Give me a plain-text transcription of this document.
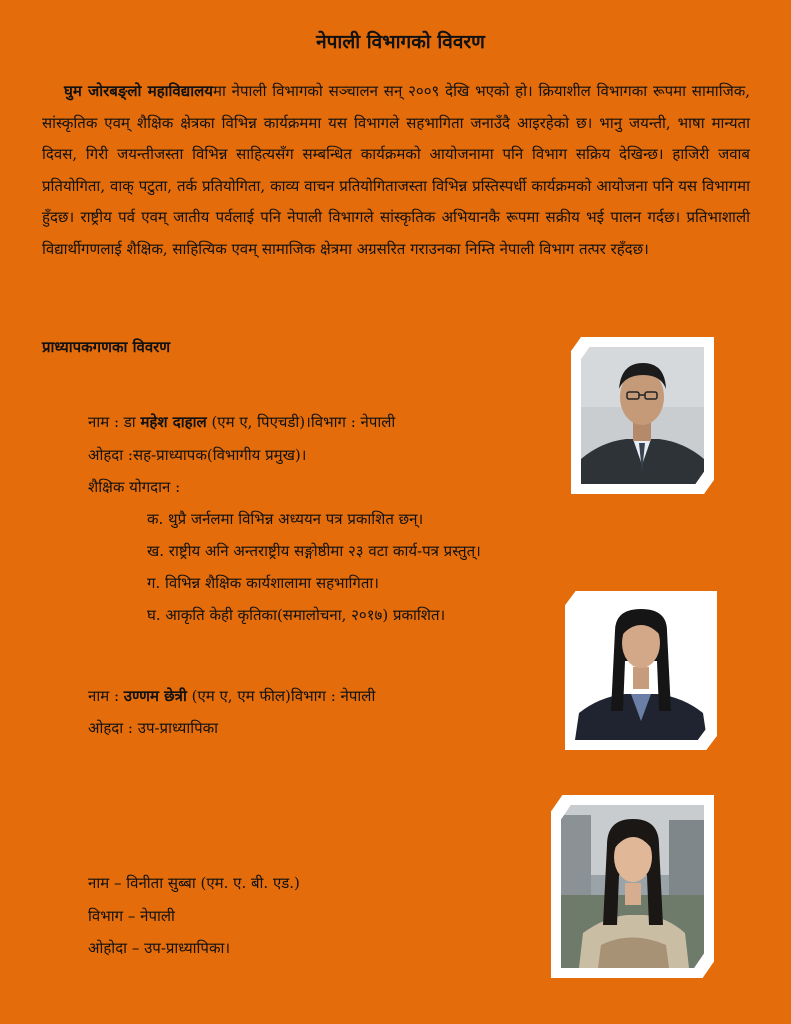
नेपाली विभागको विवरण
घुम जोरबङ्लो महाविद्यालयमा नेपाली विभागको सञ्चालन सन् २००९ देखि भएको हो। क्रियाशील विभागका रूपमा सामाजिक, सांस्कृतिक एवम् शैक्षिक क्षेत्रका विभिन्न कार्यक्रममा यस विभागले सहभागिता जनाउँदै आइरहेको छ। भानु जयन्ती, भाषा मान्यता दिवस, गिरी जयन्तीजस्ता विभिन्न साहित्यसँग सम्बन्धित कार्यक्रमको आयोजनामा पनि विभाग सक्रिय देखिन्छ। हाजिरी जवाब प्रतियोगिता, वाक् पटुता, तर्क प्रतियोगिता, काव्य वाचन प्रतियोगिताजस्ता विभिन्न प्रस्तिस्पर्धी कार्यक्रमको आयोजना पनि यस विभागमा हुँदछ। राष्ट्रीय पर्व एवम् जातीय पर्वलाई पनि नेपाली विभागले सांस्कृतिक अभियानकै रूपमा सक्रीय भई पालन गर्दछ। प्रतिभाशाली विद्यार्थीगणलाई शैक्षिक, साहित्यिक एवम् सामाजिक क्षेत्रमा अग्रसरित गराउनका निम्ति नेपाली विभाग तत्पर रहँदछ।
प्राध्यापकगणका विवरण
नाम : डा महेश दाहाल (एम ए, पिएचडी)।विभाग : नेपाली
ओहदा :सह-प्राध्यापक(विभागीय प्रमुख)।
शैक्षिक योगदान :
क. थुप्रै जर्नलमा विभिन्न अध्ययन पत्र प्रकाशित छन्।
ख. राष्ट्रीय अनि अन्तराष्ट्रीय सङ्गोष्ठीमा २३ वटा कार्य-पत्र प्रस्तुत्।
ग. विभिन्न शैक्षिक कार्यशालामा सहभागिता।
घ. आकृति केही कृतिका(समालोचना, २०१७) प्रकाशित।
नाम : उण्णम छेत्री (एम ए, एम फील)विभाग : नेपाली
ओहदा : उप-प्राध्यापिका
नाम – विनीता सुब्बा (एम. ए. बी. एड.)
विभाग – नेपाली
ओहोदा – उप-प्राध्यापिका।
